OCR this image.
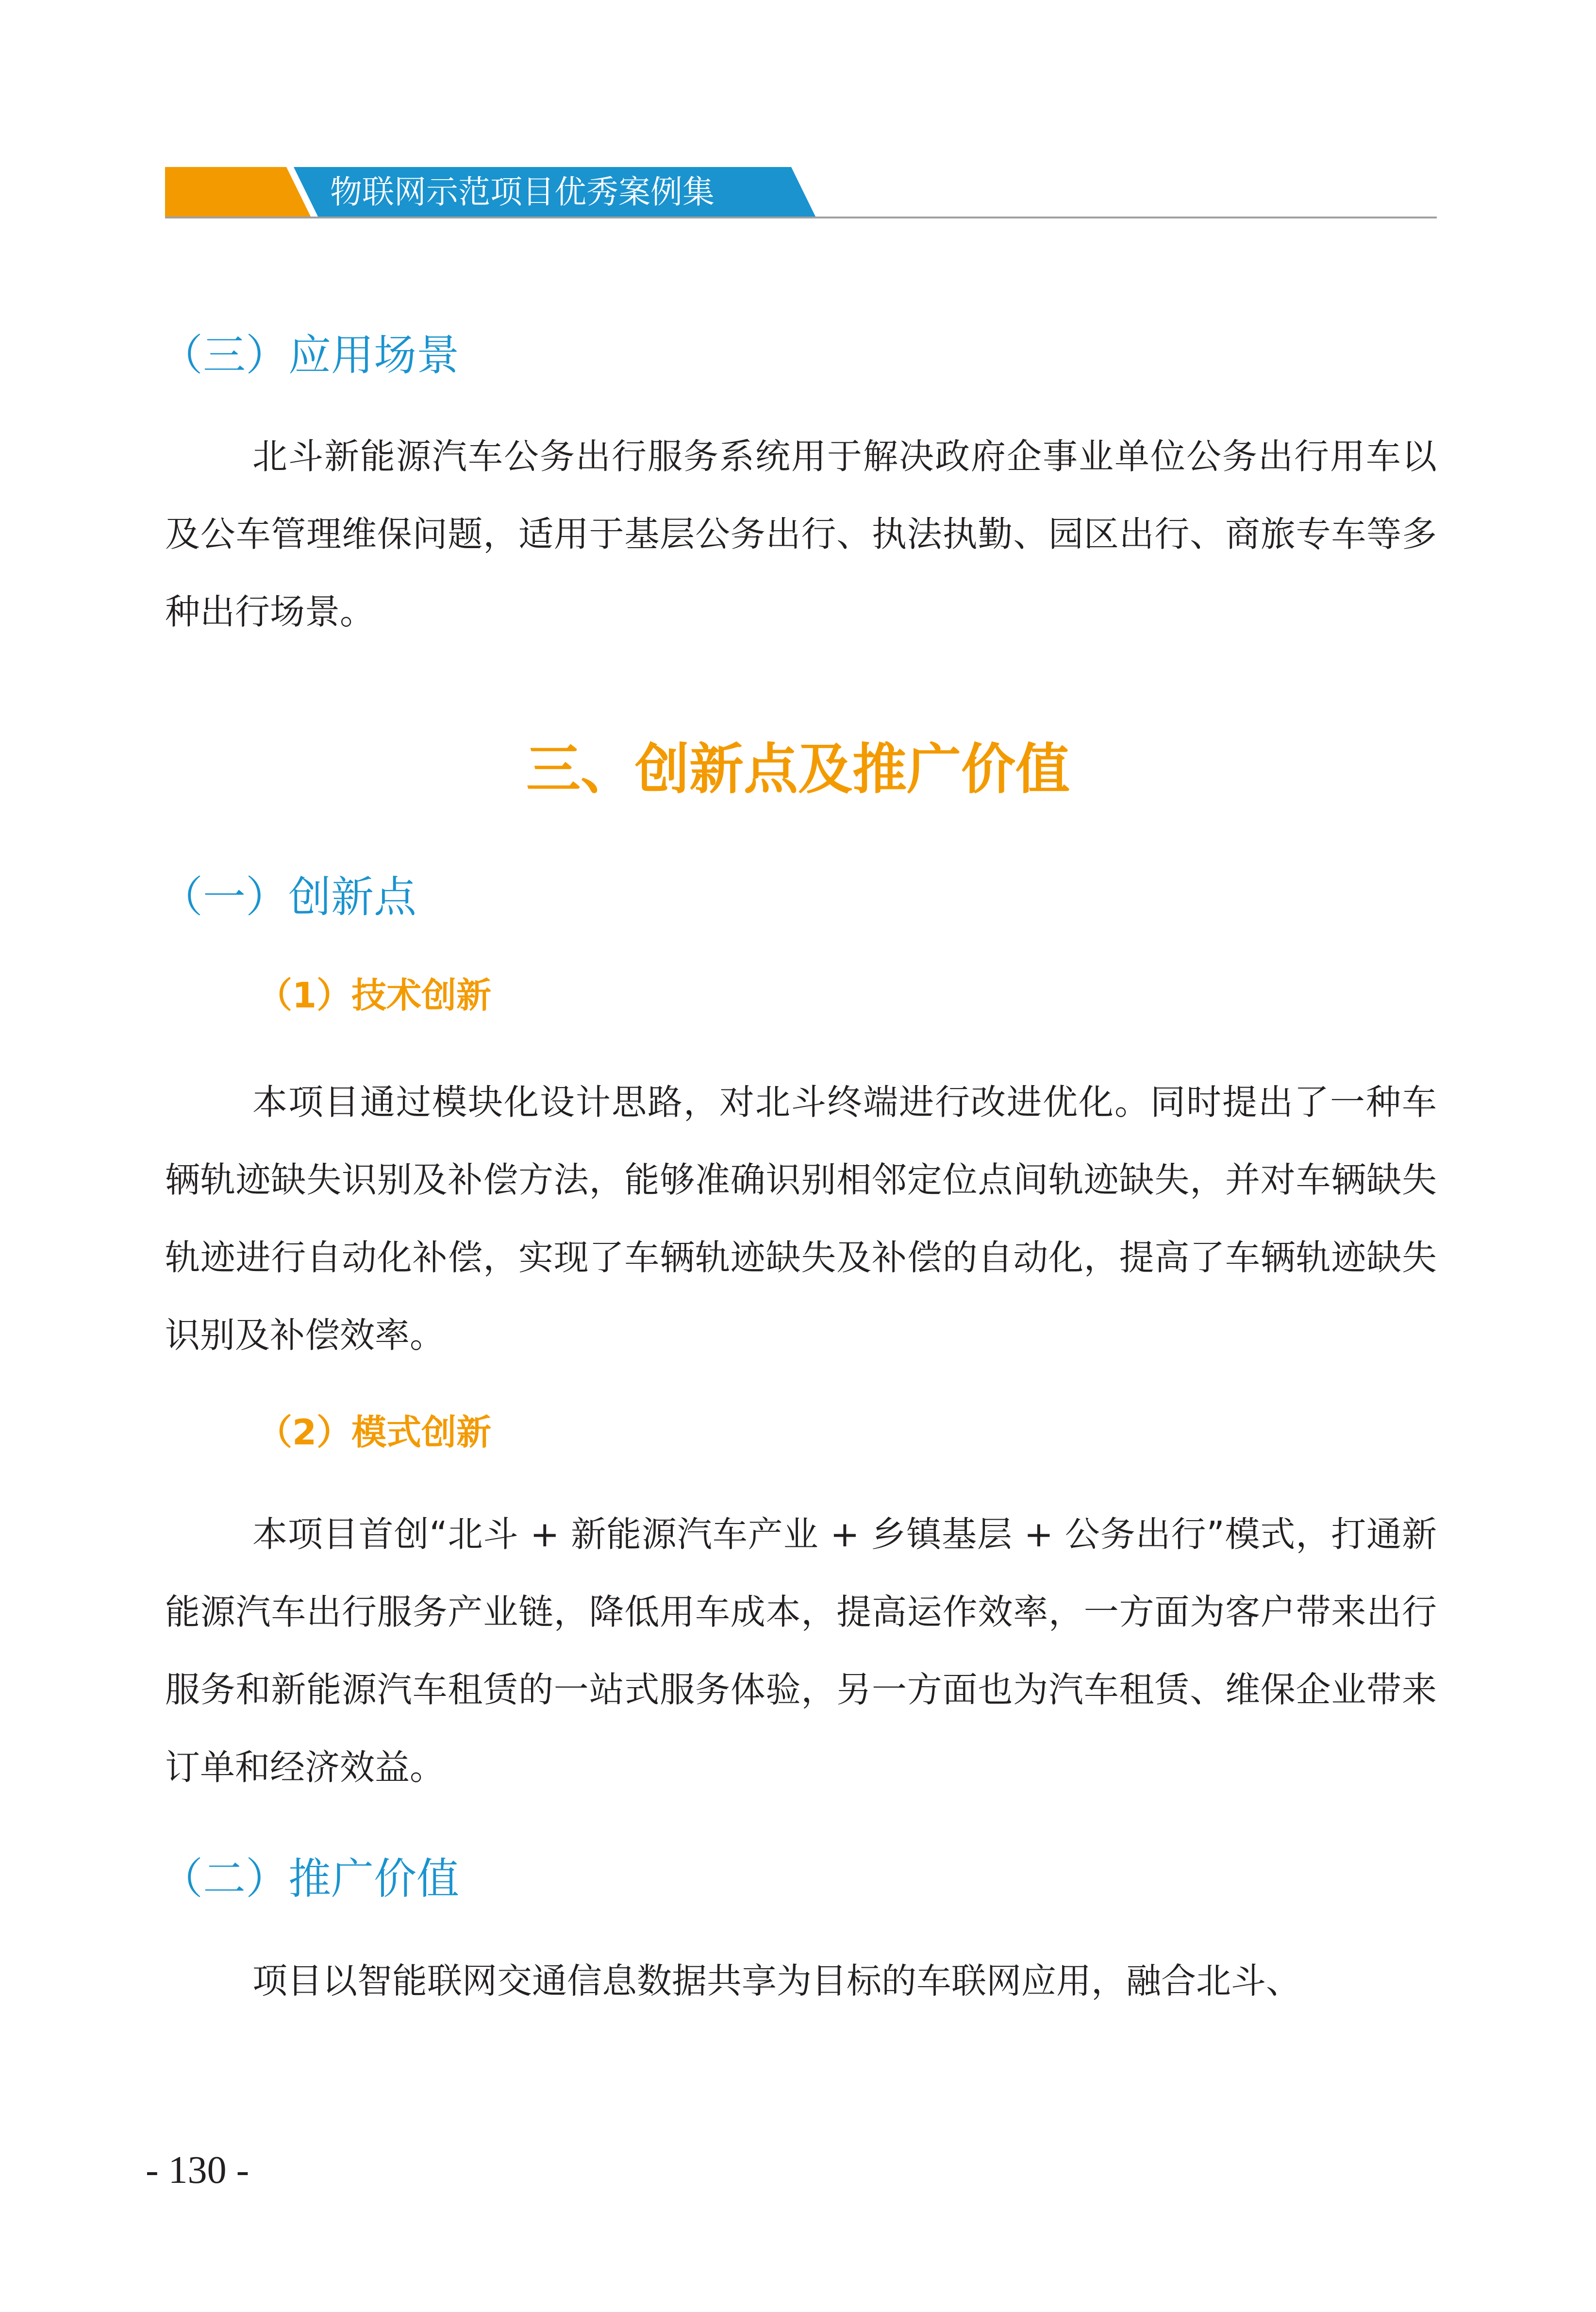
物联网示范项目优秀案例集
（三）应用场景
北斗新能源汽车公务出行服务系统用于解决政府企事业单位公务出行用车以及公车管理维保问题，适用于基层公务出行、执法执勤、园区出行、商旅专车等多种出行场景。
三、创新点及推广价值
（一）创新点
（1）技术创新
本项目通过模块化设计思路，对北斗终端进行改进优化。同时提出了一种车辆轨迹缺失识别及补偿方法，能够准确识别相邻定位点间轨迹缺失，并对车辆缺失轨迹进行自动化补偿，实现了车辆轨迹缺失及补偿的自动化，提高了车辆轨迹缺失识别及补偿效率。
（2）模式创新
本项目首创“北斗 + 新能源汽车产业 + 乡镇基层 + 公务出行”模式，打通新能源汽车出行服务产业链，降低用车成本，提高运作效率，一方面为客户带来出行服务和新能源汽车租赁的一站式服务体验，另一方面也为汽车租赁、维保企业带来订单和经济效益。
（二）推广价值
项目以智能联网交通信息数据共享为目标的车联网应用，融合北斗、
- 130 -
